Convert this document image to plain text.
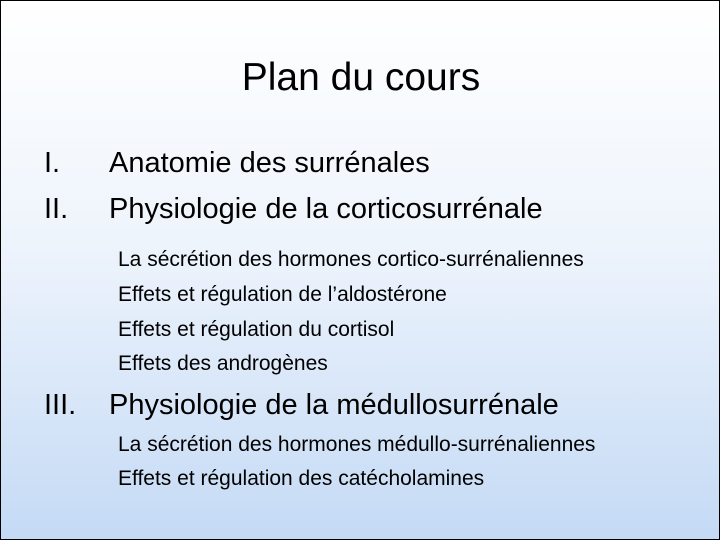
Plan du cours
I. Anatomie des surrénales
II. Physiologie de la corticosurrénale
La sécrétion des hormones cortico-surrénaliennes
Effets et régulation de l’aldostérone
Effets et régulation du cortisol
Effets des androgènes
III. Physiologie de la médullosurrénale
La sécrétion des hormones médullo-surrénaliennes
Effets et régulation des catécholamines
